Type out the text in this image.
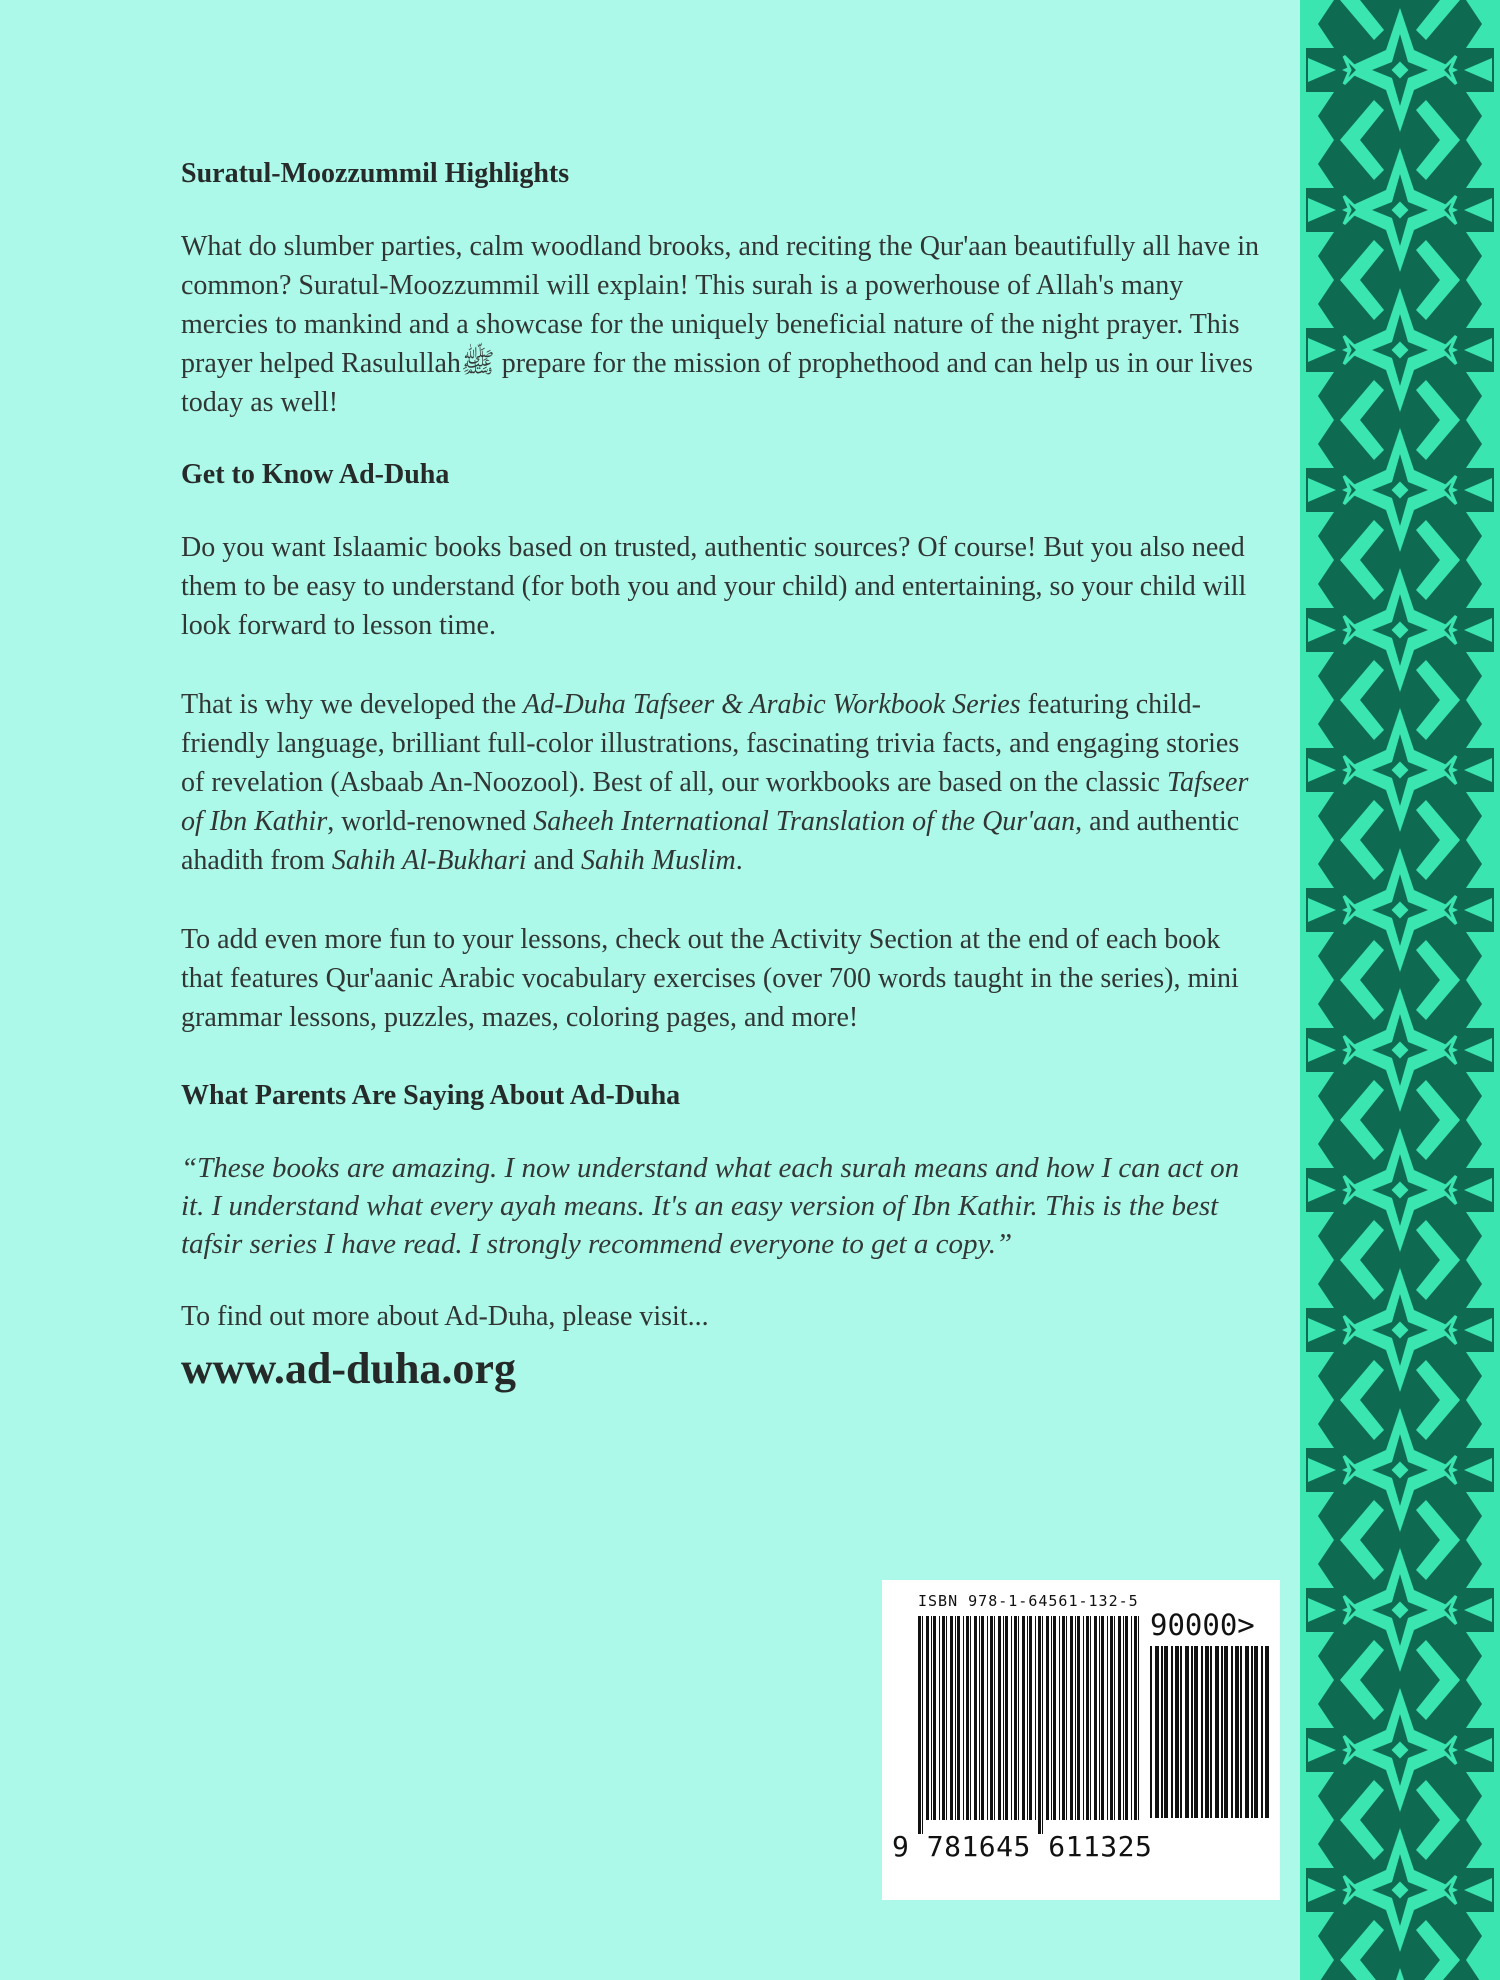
Suratul-Moozzummil Highlights

What do slumber parties, calm woodland brooks, and reciting the Qur'aan beautifully all have in common? Suratul-Moozzummil will explain! This surah is a powerhouse of Allah's many mercies to mankind and a showcase for the uniquely beneficial nature of the night prayer. This prayer helped Rasulullahﷺ prepare for the mission of prophethood and can help us in our lives today as well!

Get to Know Ad-Duha

Do you want Islaamic books based on trusted, authentic sources? Of course! But you also need them to be easy to understand (for both you and your child) and entertaining, so your child will look forward to lesson time.

That is why we developed the Ad-Duha Tafseer & Arabic Workbook Series featuring child-friendly language, brilliant full-color illustrations, fascinating trivia facts, and engaging stories of revelation (Asbaab An-Noozool). Best of all, our workbooks are based on the classic Tafseer of Ibn Kathir, world-renowned Saheeh International Translation of the Qur'aan, and authentic ahadith from Sahih Al-Bukhari and Sahih Muslim.

To add even more fun to your lessons, check out the Activity Section at the end of each book that features Qur'aanic Arabic vocabulary exercises (over 700 words taught in the series), mini grammar lessons, puzzles, mazes, coloring pages, and more!

What Parents Are Saying About Ad-Duha

“These books are amazing. I now understand what each surah means and how I can act on it. I understand what every ayah means. It's an easy version of Ibn Kathir. This is the best tafsir series I have read. I strongly recommend everyone to get a copy.”

To find out more about Ad-Duha, please visit...

www.ad-duha.org

ISBN 978-1-64561-132-5
90000>
9 781645 611325
